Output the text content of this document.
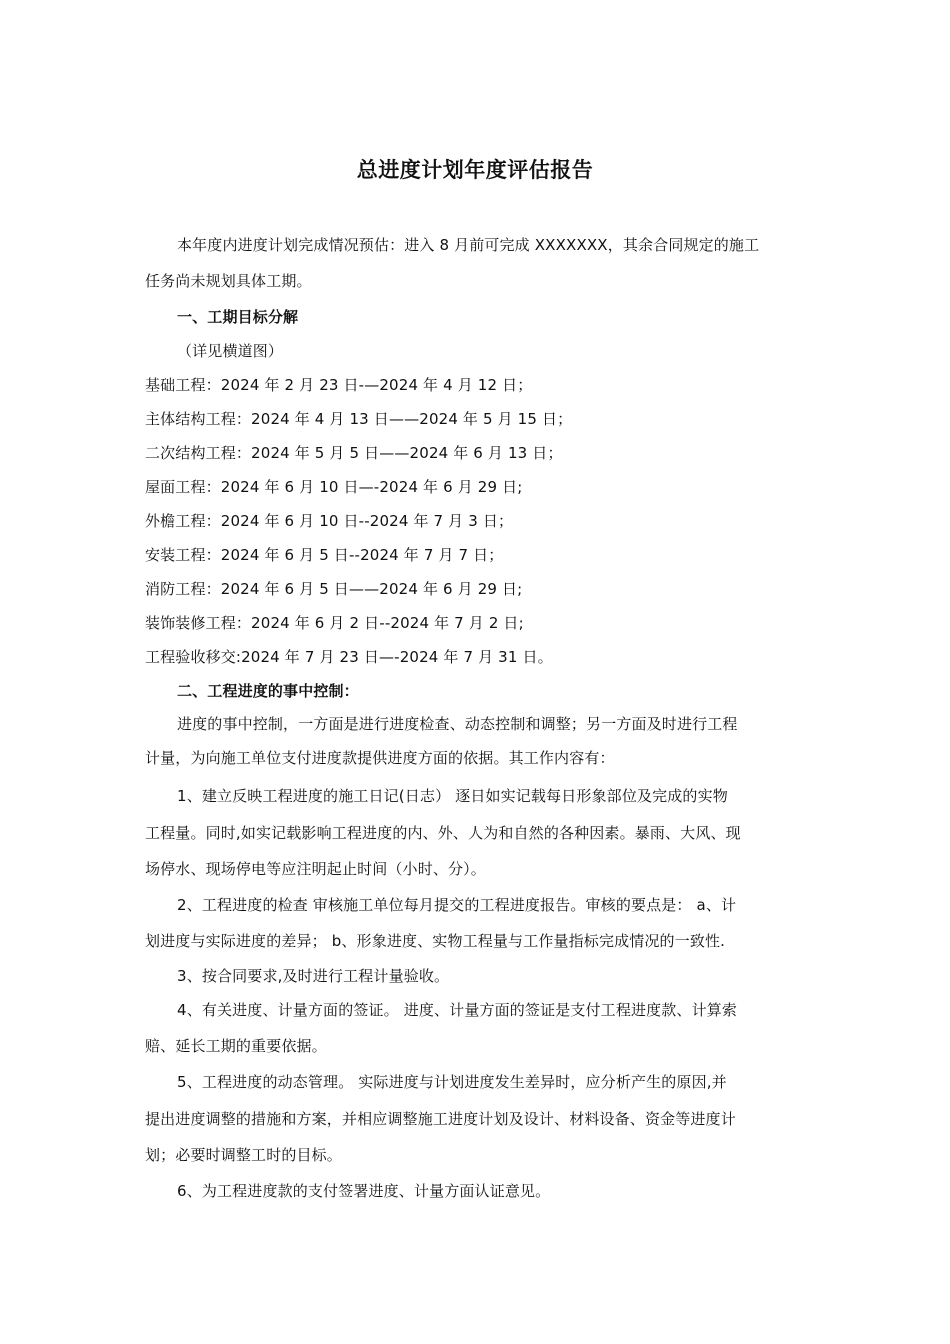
总进度计划年度评估报告
本年度内进度计划完成情况预估：进入 8 月前可完成 XXXXXXX，其余合同规定的施工
任务尚未规划具体工期。
一、工期目标分解
（详见横道图）
基础工程：2024 年 2 月 23 日-—2024 年 4 月 12 日；
主体结构工程：2024 年 4 月 13 日——2024 年 5 月 15 日；
二次结构工程：2024 年 5 月 5 日——2024 年 6 月 13 日；
屋面工程：2024 年 6 月 10 日—-2024 年 6 月 29 日;
外檐工程：2024 年 6 月 10 日--2024 年 7 月 3 日；
安装工程：2024 年 6 月 5 日--2024 年 7 月 7 日；
消防工程：2024 年 6 月 5 日——2024 年 6 月 29 日;
装饰装修工程：2024 年 6 月 2 日--2024 年 7 月 2 日;
工程验收移交:2024 年 7 月 23 日—-2024 年 7 月 31 日。
二、工程进度的事中控制：
进度的事中控制，一方面是进行进度检查、动态控制和调整；另一方面及时进行工程
计量，为向施工单位支付进度款提供进度方面的依据。其工作内容有：
1、建立反映工程进度的施工日记(日志） 逐日如实记载每日形象部位及完成的实物
工程量。同时,如实记载影响工程进度的内、外、人为和自然的各种因素。暴雨、大风、现
场停水、现场停电等应注明起止时间（小时、分）。
2、工程进度的检查 审核施工单位每月提交的工程进度报告。审核的要点是： a、计
划进度与实际进度的差异； b、形象进度、实物工程量与工作量指标完成情况的一致性.
3、按合同要求,及时进行工程计量验收。
4、有关进度、计量方面的签证。 进度、计量方面的签证是支付工程进度款、计算索
赔、延长工期的重要依据。
5、工程进度的动态管理。 实际进度与计划进度发生差异时，应分析产生的原因,并
提出进度调整的措施和方案，并相应调整施工进度计划及设计、材料设备、资金等进度计
划；必要时调整工时的目标。
6、为工程进度款的支付签署进度、计量方面认证意见。
